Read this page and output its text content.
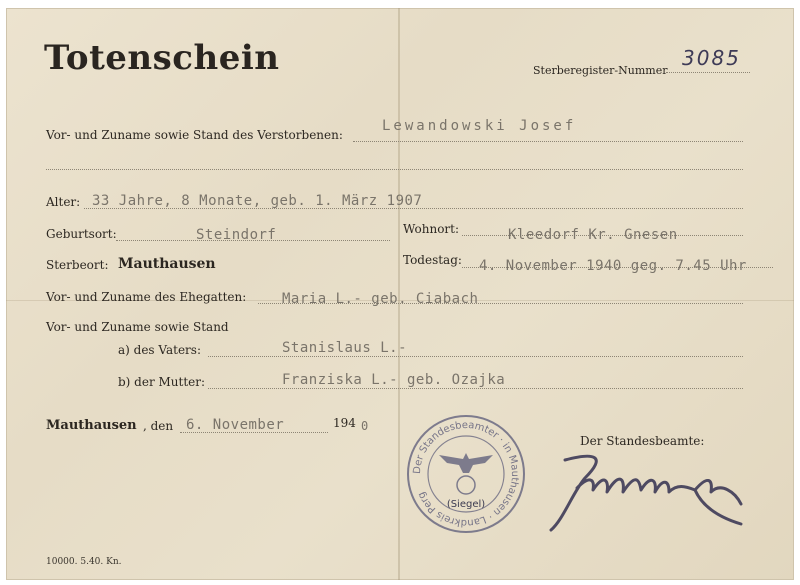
Totenschein	Sterberegister-Nummer
3085
Vor- und Zuname sowie Stand des Verstorbenen:
Lewandowski Josef
Alter: 33 Jahre, 8 Monate, geb. 1. März 1907
Geburtsort:	Steindorf	Wohnort:	Kleedorf Kr. Gnesen
Sterbeort: Mauthausen	Todestag: 4. November 1940 geg. 7.45 Uhr
Vor- und Zuname des Ehegatten:	Maria L.- geb. Ciabach
Vor- und Zuname sowie Stand
a) des Vaters:	Stanislaus L.-
b) der Mutter:	Franziska L.- geb. Ozajka
Mauthausen , den 6. November	194 0
Der Standesbeamte:
Der Standesbeamter · in Mauthausen · Landkreis Perg
(Siegel)
10000. 5.40. Kn.
